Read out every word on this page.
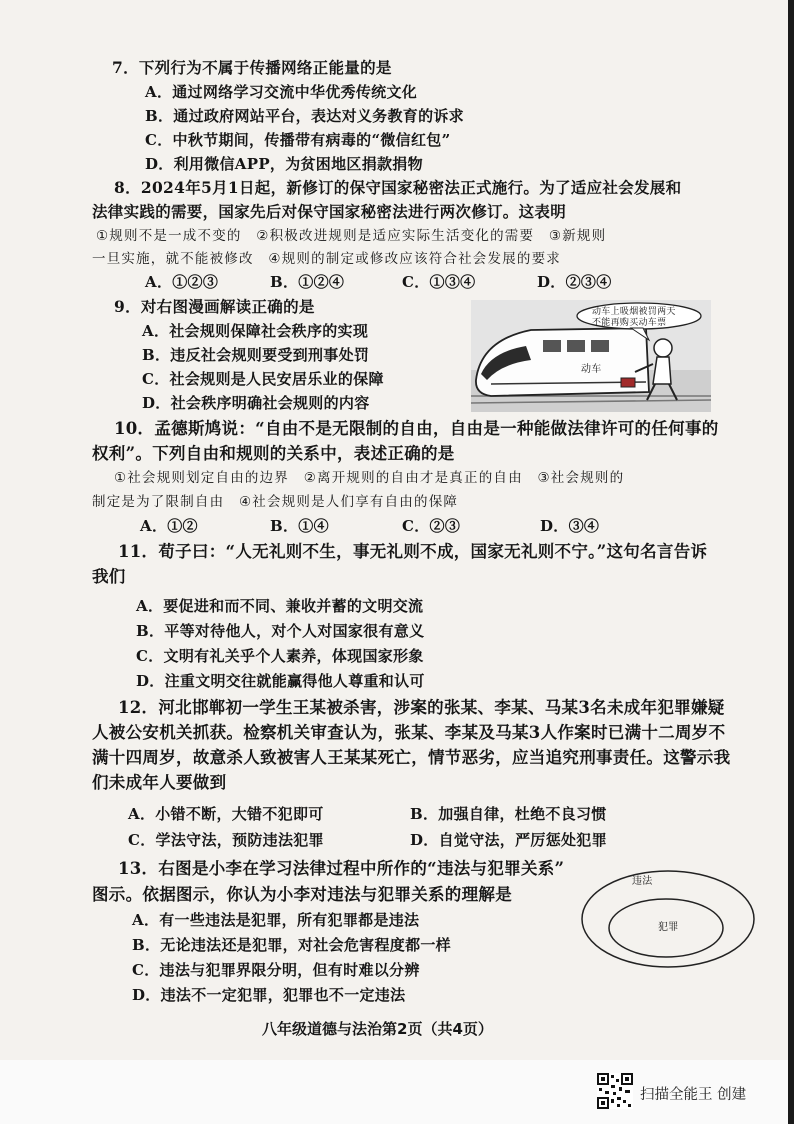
7．下列行为不属于传播网络正能量的是
A．通过网络学习交流中华优秀传统文化
B．通过政府网站平台，表达对义务教育的诉求
C．中秋节期间，传播带有病毒的“微信红包”
D．利用微信APP，为贫困地区捐款捐物
8．2024年5月1日起，新修订的保守国家秘密法正式施行。为了适应社会发展和
法律实践的需要，国家先后对保守国家秘密法进行两次修订。这表明
①规则不是一成不变的　②积极改进规则是适应实际生活变化的需要　③新规则
一旦实施，就不能被修改　④规则的制定或修改应该符合社会发展的要求
A．①②③	B．①②④	C．①③④	D．②③④
9．对右图漫画解读正确的是
A．社会规则保障社会秩序的实现
B．违反社会规则要受到刑事处罚
C．社会规则是人民安居乐业的保障
D．社会秩序明确社会规则的内容
动车上吸烟被罚两天
不能再购买动车票
动车
10．孟德斯鸠说：“自由不是无限制的自由，自由是一种能做法律许可的任何事的
权利”。下列自由和规则的关系中，表述正确的是
①社会规则划定自由的边界　②离开规则的自由才是真正的自由　③社会规则的
制定是为了限制自由　④社会规则是人们享有自由的保障
A．①②	B．①④	C．②③	D．③④
11．荀子曰：“人无礼则不生，事无礼则不成，国家无礼则不宁。”这句名言告诉
我们
A．要促进和而不同、兼收并蓄的文明交流
B．平等对待他人，对个人对国家很有意义
C．文明有礼关乎个人素养，体现国家形象
D．注重文明交往就能赢得他人尊重和认可
12．河北邯郸初一学生王某被杀害，涉案的张某、李某、马某3名未成年犯罪嫌疑
人被公安机关抓获。检察机关审查认为，张某、李某及马某3人作案时已满十二周岁不
满十四周岁，故意杀人致被害人王某某死亡，情节恶劣，应当追究刑事责任。这警示我
们未成年人要做到
A．小错不断，大错不犯即可	B．加强自律，杜绝不良习惯
C．学法守法，预防违法犯罪	D．自觉守法，严厉惩处犯罪
13．右图是小李在学习法律过程中所作的“违法与犯罪关系”
图示。依据图示，你认为小李对违法与犯罪关系的理解是
A．有一些违法是犯罪，所有犯罪都是违法
B．无论违法还是犯罪，对社会危害程度都一样
C．违法与犯罪界限分明，但有时难以分辨
D．违法不一定犯罪，犯罪也不一定违法
违法
犯罪
八年级道德与法治第2页（共4页）
扫描全能王 创建
